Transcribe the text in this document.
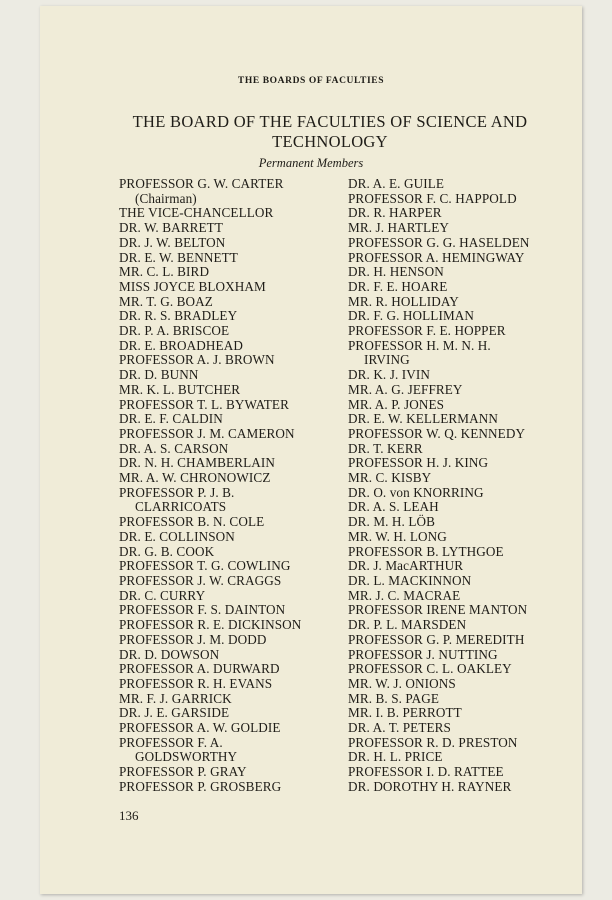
THE BOARDS OF FACULTIES
THE BOARD OF THE FACULTIES OF SCIENCE AND TECHNOLOGY
Permanent Members
PROFESSOR G. W. CARTER
(Chairman)
THE VICE-CHANCELLOR
DR. W. BARRETT
DR. J. W. BELTON
DR. E. W. BENNETT
MR. C. L. BIRD
MISS JOYCE BLOXHAM
MR. T. G. BOAZ
DR. R. S. BRADLEY
DR. P. A. BRISCOE
DR. E. BROADHEAD
PROFESSOR A. J. BROWN
DR. D. BUNN
MR. K. L. BUTCHER
PROFESSOR T. L. BYWATER
DR. E. F. CALDIN
PROFESSOR J. M. CAMERON
DR. A. S. CARSON
DR. N. H. CHAMBERLAIN
MR. A. W. CHRONOWICZ
PROFESSOR P. J. B.
CLARRICOATS
PROFESSOR B. N. COLE
DR. E. COLLINSON
DR. G. B. COOK
PROFESSOR T. G. COWLING
PROFESSOR J. W. CRAGGS
DR. C. CURRY
PROFESSOR F. S. DAINTON
PROFESSOR R. E. DICKINSON
PROFESSOR J. M. DODD
DR. D. DOWSON
PROFESSOR A. DURWARD
PROFESSOR R. H. EVANS
MR. F. J. GARRICK
DR. J. E. GARSIDE
PROFESSOR A. W. GOLDIE
PROFESSOR F. A.
GOLDSWORTHY
PROFESSOR P. GRAY
PROFESSOR P. GROSBERG
DR. A. E. GUILE
PROFESSOR F. C. HAPPOLD
DR. R. HARPER
MR. J. HARTLEY
PROFESSOR G. G. HASELDEN
PROFESSOR A. HEMINGWAY
DR. H. HENSON
DR. F. E. HOARE
MR. R. HOLLIDAY
DR. F. G. HOLLIMAN
PROFESSOR F. E. HOPPER
PROFESSOR H. M. N. H.
IRVING
DR. K. J. IVIN
MR. A. G. JEFFREY
MR. A. P. JONES
DR. E. W. KELLERMANN
PROFESSOR W. Q. KENNEDY
DR. T. KERR
PROFESSOR H. J. KING
MR. C. KISBY
DR. O. von KNORRING
DR. A. S. LEAH
DR. M. H. LÖB
MR. W. H. LONG
PROFESSOR B. LYTHGOE
DR. J. MacARTHUR
DR. L. MACKINNON
MR. J. C. MACRAE
PROFESSOR IRENE MANTON
DR. P. L. MARSDEN
PROFESSOR G. P. MEREDITH
PROFESSOR J. NUTTING
PROFESSOR C. L. OAKLEY
MR. W. J. ONIONS
MR. B. S. PAGE
MR. I. B. PERROTT
DR. A. T. PETERS
PROFESSOR R. D. PRESTON
DR. H. L. PRICE
PROFESSOR I. D. RATTEE
DR. DOROTHY H. RAYNER
136
